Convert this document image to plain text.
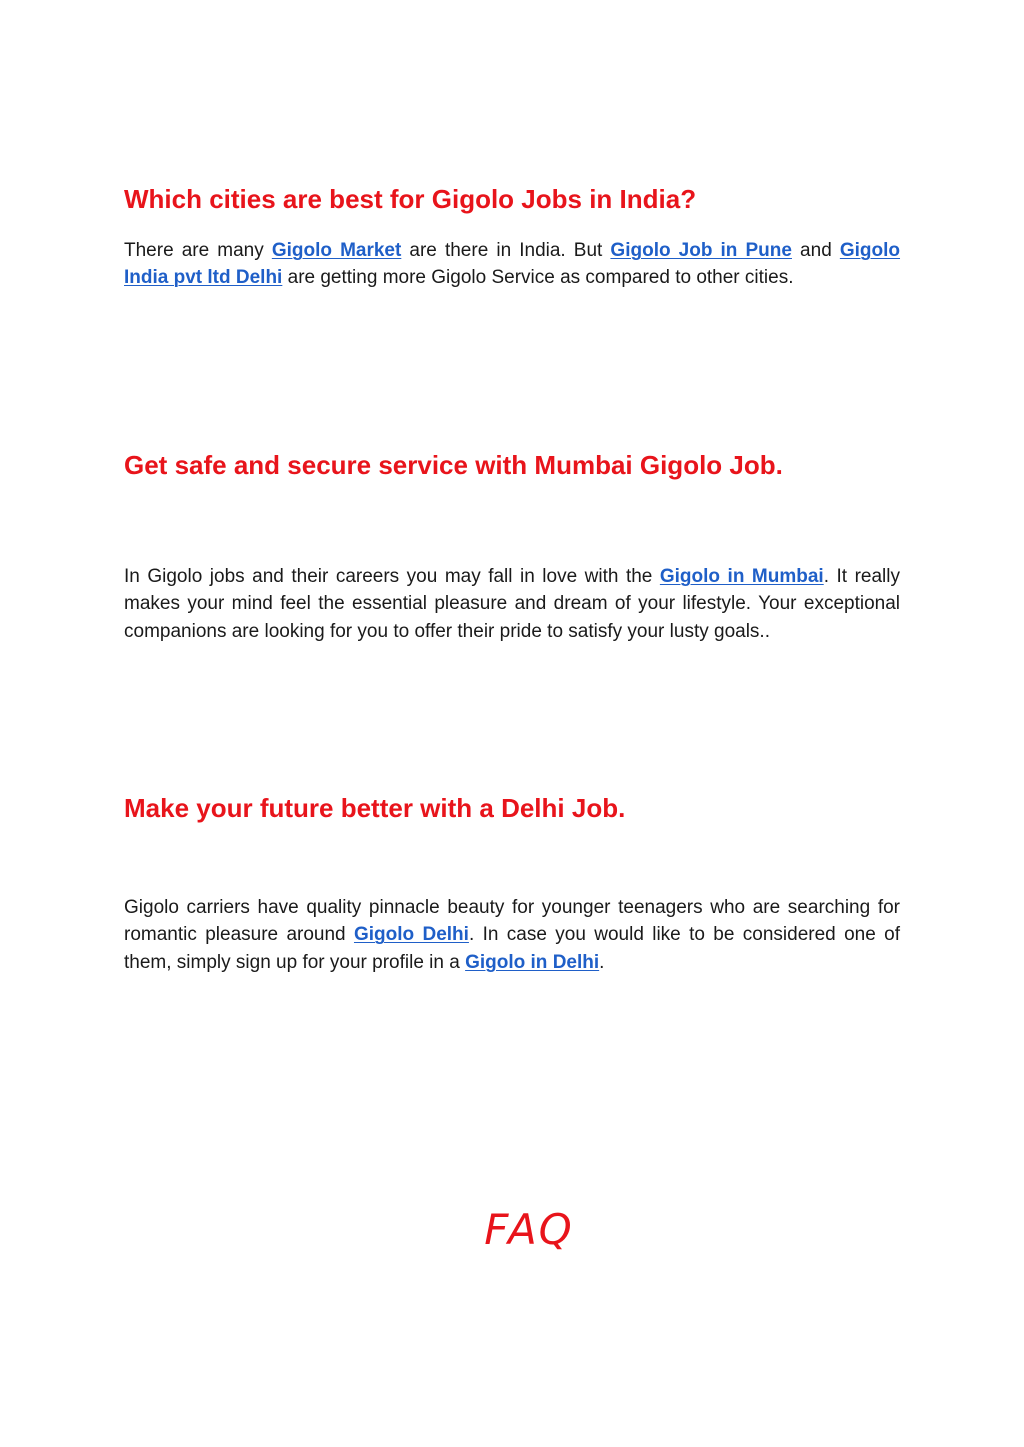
Which cities are best for Gigolo Jobs in India?

There are many Gigolo Market are there in India. But Gigolo Job in Pune and Gigolo India pvt ltd Delhi are getting more Gigolo Service as compared to other cities.

Get safe and secure service with Mumbai Gigolo Job.

In Gigolo jobs and their careers you may fall in love with the Gigolo in Mumbai. It really makes your mind feel the essential pleasure and dream of your lifestyle. Your exceptional companions are looking for you to offer their pride to satisfy your lusty goals..

Make your future better with a Delhi Job.

Gigolo carriers have quality pinnacle beauty for younger teenagers who are searching for romantic pleasure around Gigolo Delhi. In case you would like to be considered one of them, simply sign up for your profile in a Gigolo in Delhi.

FAQ
